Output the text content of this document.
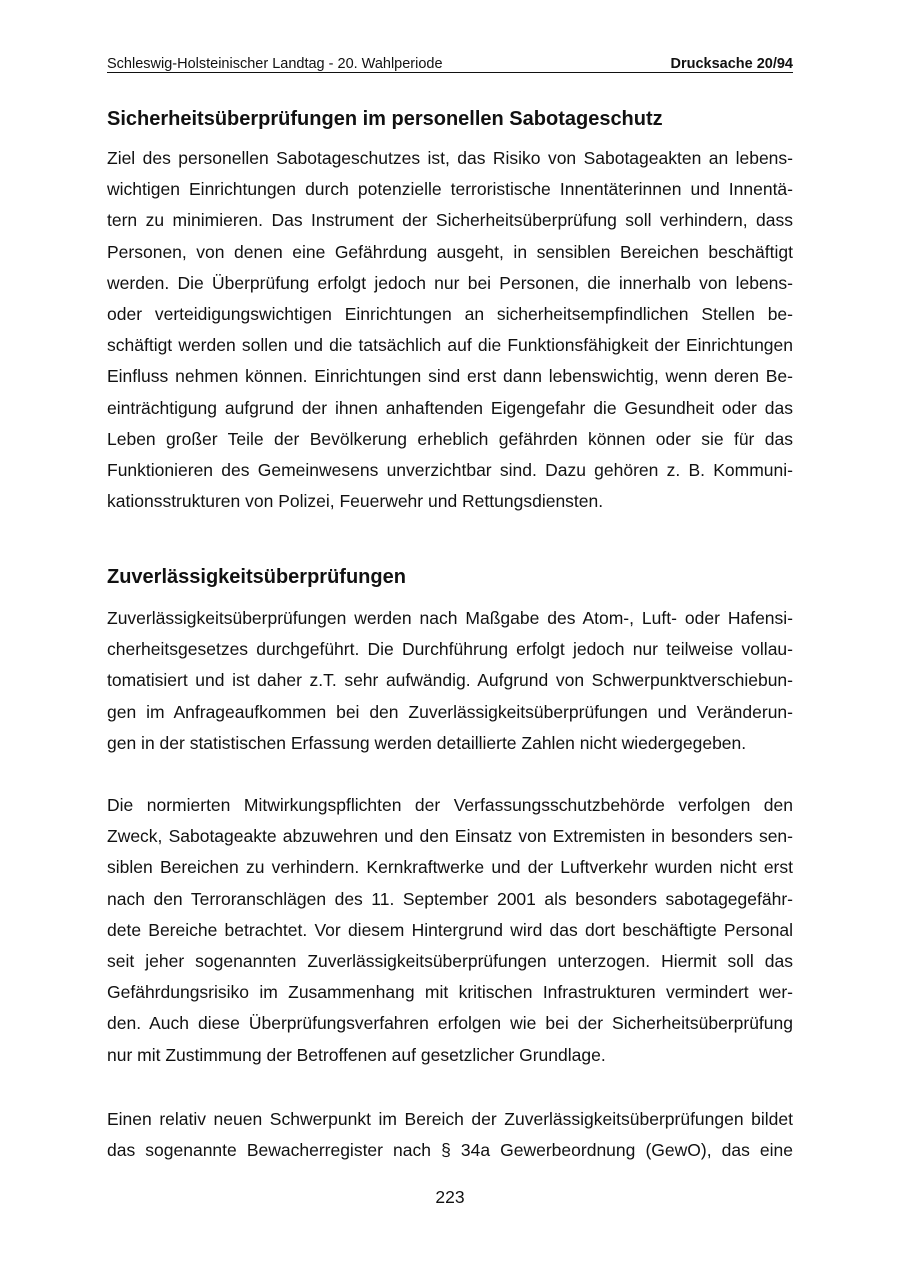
Schleswig-Holsteinischer Landtag - 20. Wahlperiode	Drucksache 20/94
Sicherheitsüberprüfungen im personellen Sabotageschutz
Ziel des personellen Sabotageschutzes ist, das Risiko von Sabotageakten an lebens-
wichtigen Einrichtungen durch potenzielle terroristische Innentäterinnen und Innentä-
tern zu minimieren. Das Instrument der Sicherheitsüberprüfung soll verhindern, dass
Personen, von denen eine Gefährdung ausgeht, in sensiblen Bereichen beschäftigt
werden. Die Überprüfung erfolgt jedoch nur bei Personen, die innerhalb von lebens-
oder verteidigungswichtigen Einrichtungen an sicherheitsempfindlichen Stellen be-
schäftigt werden sollen und die tatsächlich auf die Funktionsfähigkeit der Einrichtungen
Einfluss nehmen können. Einrichtungen sind erst dann lebenswichtig, wenn deren Be-
einträchtigung aufgrund der ihnen anhaftenden Eigengefahr die Gesundheit oder das
Leben großer Teile der Bevölkerung erheblich gefährden können oder sie für das
Funktionieren des Gemeinwesens unverzichtbar sind. Dazu gehören z. B. Kommuni-
kationsstrukturen von Polizei, Feuerwehr und Rettungsdiensten.
Zuverlässigkeitsüberprüfungen
Zuverlässigkeitsüberprüfungen werden nach Maßgabe des Atom-, Luft- oder Hafensi-
cherheitsgesetzes durchgeführt. Die Durchführung erfolgt jedoch nur teilweise vollau-
tomatisiert und ist daher z.T. sehr aufwändig. Aufgrund von Schwerpunktverschiebun-
gen im Anfrageaufkommen bei den Zuverlässigkeitsüberprüfungen und Veränderun-
gen in der statistischen Erfassung werden detaillierte Zahlen nicht wiedergegeben.
Die normierten Mitwirkungspflichten der Verfassungsschutzbehörde verfolgen den
Zweck, Sabotageakte abzuwehren und den Einsatz von Extremisten in besonders sen-
siblen Bereichen zu verhindern. Kernkraftwerke und der Luftverkehr wurden nicht erst
nach den Terroranschlägen des 11. September 2001 als besonders sabotagegefähr-
dete Bereiche betrachtet. Vor diesem Hintergrund wird das dort beschäftigte Personal
seit jeher sogenannten Zuverlässigkeitsüberprüfungen unterzogen. Hiermit soll das
Gefährdungsrisiko im Zusammenhang mit kritischen Infrastrukturen vermindert wer-
den. Auch diese Überprüfungsverfahren erfolgen wie bei der Sicherheitsüberprüfung
nur mit Zustimmung der Betroffenen auf gesetzlicher Grundlage.
Einen relativ neuen Schwerpunkt im Bereich der Zuverlässigkeitsüberprüfungen bildet
das sogenannte Bewacherregister nach § 34a Gewerbeordnung (GewO), das eine
223
